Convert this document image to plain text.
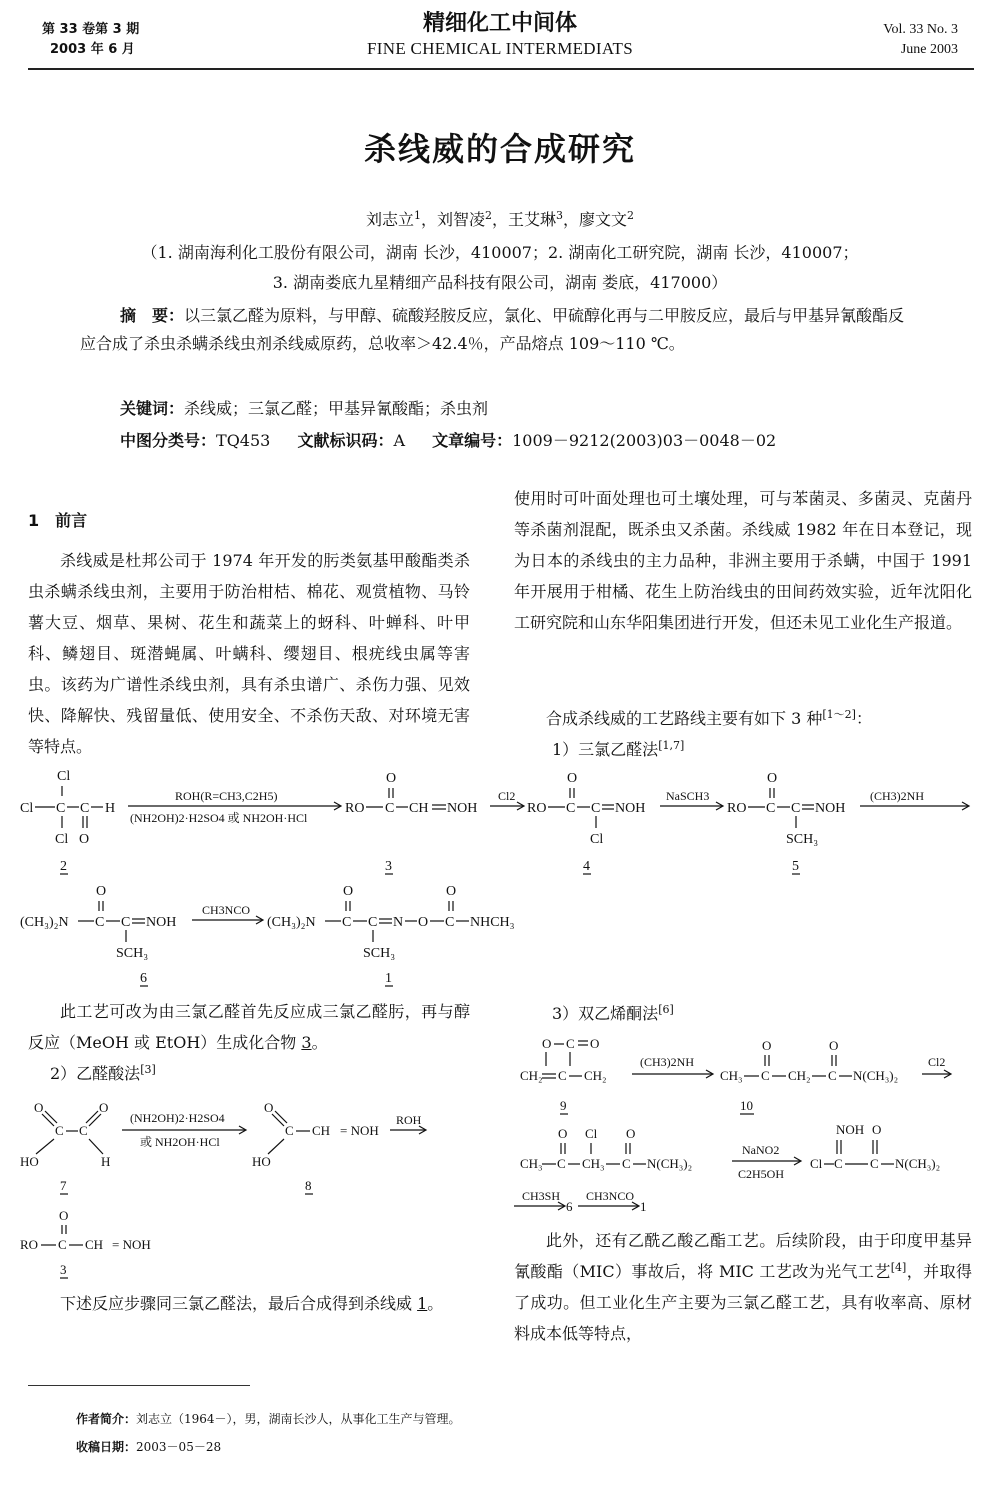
第 33 卷第 3 期
2003 年 6 月
精细化工中间体
FINE CHEMICAL INTERMEDIATS
Vol. 33 No. 3
June 2003
杀线威的合成研究
刘志立$^1$，刘智凌$^2$，王艾琳$^3$，廖文文$^2$
（1. 湖南海利化工股份有限公司，湖南 长沙，410007；2. 湖南化工研究院，湖南 长沙，410007；
3. 湖南娄底九星精细产品科技有限公司，湖南 娄底，417000）
摘　要：以三氯乙醛为原料，与甲醇、硫酸羟胺反应，氯化、甲硫醇化再与二甲胺反应，最后与甲基异氰酸酯反应合成了杀虫杀螨杀线虫剂杀线威原药，总收率＞42.4％，产品熔点 109～110 ℃。
关键词：杀线威；三氯乙醛；甲基异氰酸酯；杀虫剂
中图分类号：TQ453 文献标识码：A 文章编号：1009－9212(2003)03－0048－02
1　前言
杀线威是杜邦公司于 1974 年开发的肟类氨基甲酸酯类杀虫杀螨杀线虫剂，主要用于防治柑桔、棉花、观赏植物、马铃薯大豆、烟草、果树、花生和蔬菜上的蚜科、叶蝉科、叶甲科、鳞翅目、斑潜蝇属、叶螨科、缨翅目、根疣线虫属等害虫。该药为广谱性杀线虫剂，具有杀虫谱广、杀伤力强、见效快、降解快、残留量低、使用安全、不杀伤天敌、对环境无害等特点。
使用时可叶面处理也可土壤处理，可与苯菌灵、多菌灵、克菌丹等杀菌剂混配，既杀虫又杀菌。杀线威 1982 年在日本登记，现为日本的杀线虫的主力品种，非洲主要用于杀螨，中国于 1991 年开展用于柑橘、花生上防治线虫的田间药效实验，近年沈阳化工研究院和山东华阳集团进行开发，但还未见工业化生产报道。
合成杀线威的工艺路线主要有如下 3 种[1～2]：
1）三氯乙醛法[1,7]
Cl
Cl C C H
Cl O
2
ROH(R=CH3,C2H5)
(NH2OH)2·H2SO4 或 NH2OH·HCl
O
RO C CH NOH
3
Cl2
O
RO C C NOH
Cl
4
NaSCH3
O
RO C C NOH
SCH₃
5
(CH3)2NH
O
(CH₃)₂N C C NOH
SCH₃
6
CH3NCO
O
(CH₃)₂N C C N O C
O
NHCH₃
SCH₃
1
此工艺可改为由三氯乙醛首先反应成三氯乙醛肟，再与醇反应（MeOH 或 EtOH）生成化合物 3。
2）乙醛酸法[3]
O
C C
O
HO	H
7
(NH2OH)2·H2SO4
或 NH2OH·HCl
O
C CH = NOH
HO
8
ROH
O
RO C CH = NOH
3
下述反应步骤同三氯乙醛法，最后合成得到杀线威 1。
3）双乙烯酮法[6]
O C O
CH₂ C CH₂
9
(CH3)2NH
O
CH₃ C CH₂ C
O
N(CH₃)₂
10
Cl2
O Cl
CH₃ C CH₃ C
O
N(CH₃)₂
NaNO2
C2H5OH
NOH O
Cl C C N(CH₃)₂
CH3SH
6
CH3NCO
1
此外，还有乙酰乙酸乙酯工艺。后续阶段，由于印度甲基异氰酸酯（MIC）事故后，将 MIC 工艺改为光气工艺[4]，并取得了成功。但工业化生产主要为三氯乙醛工艺，具有收率高、原材料成本低等特点，
作者简介：刘志立（1964－），男，湖南长沙人，从事化工生产与管理。
收稿日期：2003－05－28
